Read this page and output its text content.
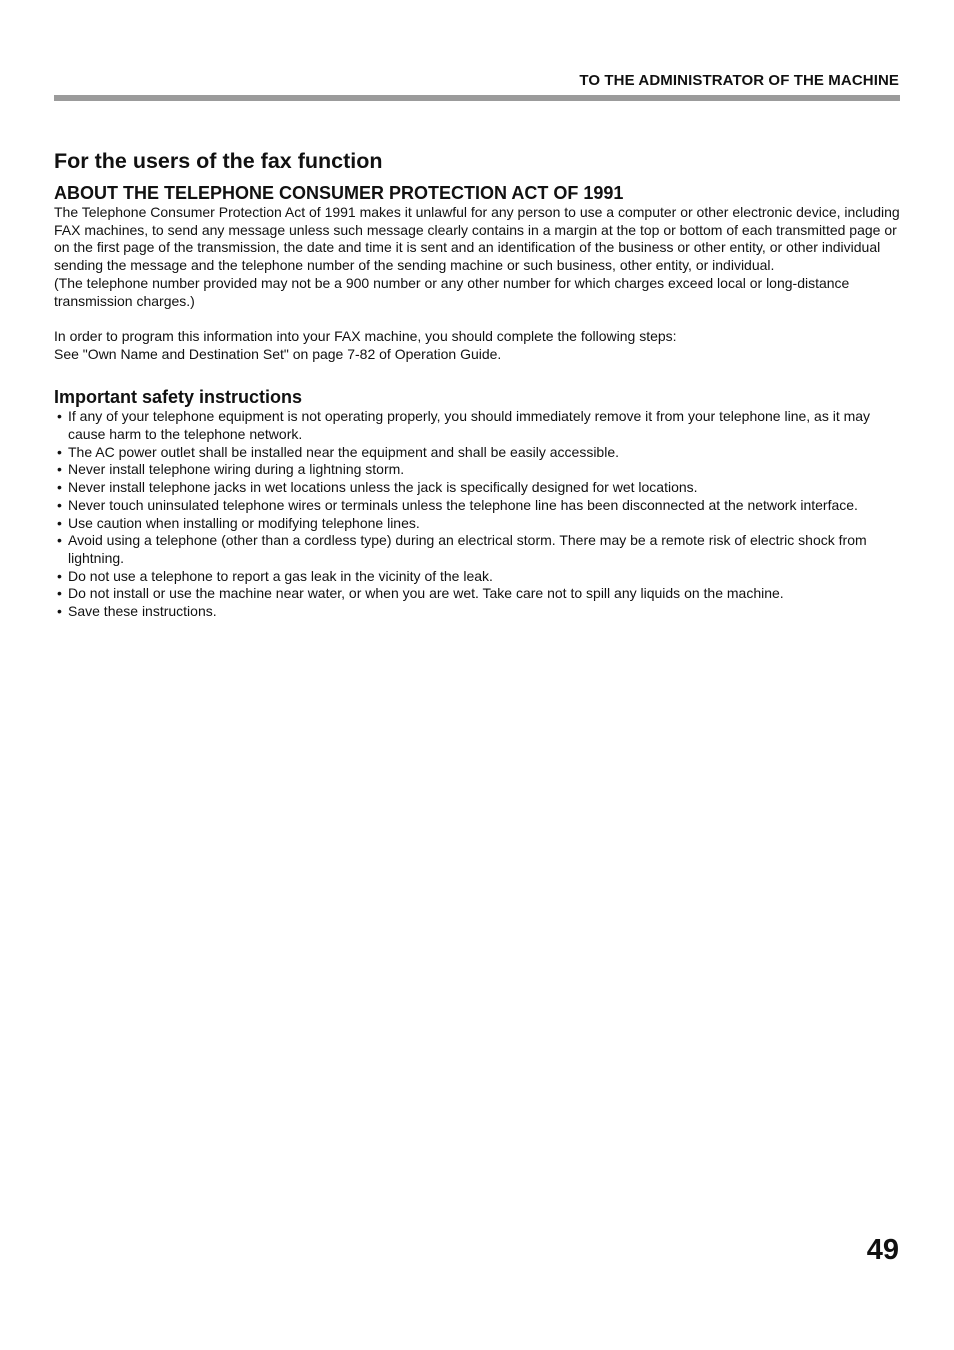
TO THE ADMINISTRATOR OF THE MACHINE
For the users of the fax function
ABOUT THE TELEPHONE CONSUMER PROTECTION ACT OF 1991

The Telephone Consumer Protection Act of 1991 makes it unlawful for any person to use a computer or other electronic device, including FAX machines, to send any message unless such message clearly contains in a margin at the top or bottom of each transmitted page or on the first page of the transmission, the date and time it is sent and an identification of the business or other entity, or other individual sending the message and the telephone number of the sending machine or such business, other entity, or individual.

(The telephone number provided may not be a 900 number or any other number for which charges exceed local or long-distance transmission charges.)

In order to program this information into your FAX machine, you should complete the following steps:

See "Own Name and Destination Set" on page 7-82 of Operation Guide.

Important safety instructions
• If any of your telephone equipment is not operating properly, you should immediately remove it from your telephone line, as it may cause harm to the telephone network.
• The AC power outlet shall be installed near the equipment and shall be easily accessible.
• Never install telephone wiring during a lightning storm.
• Never install telephone jacks in wet locations unless the jack is specifically designed for wet locations.
• Never touch uninsulated telephone wires or terminals unless the telephone line has been disconnected at the network interface.
• Use caution when installing or modifying telephone lines.
• Avoid using a telephone (other than a cordless type) during an electrical storm. There may be a remote risk of electric shock from lightning.
• Do not use a telephone to report a gas leak in the vicinity of the leak.
• Do not install or use the machine near water, or when you are wet. Take care not to spill any liquids on the machine.
• Save these instructions.
49
